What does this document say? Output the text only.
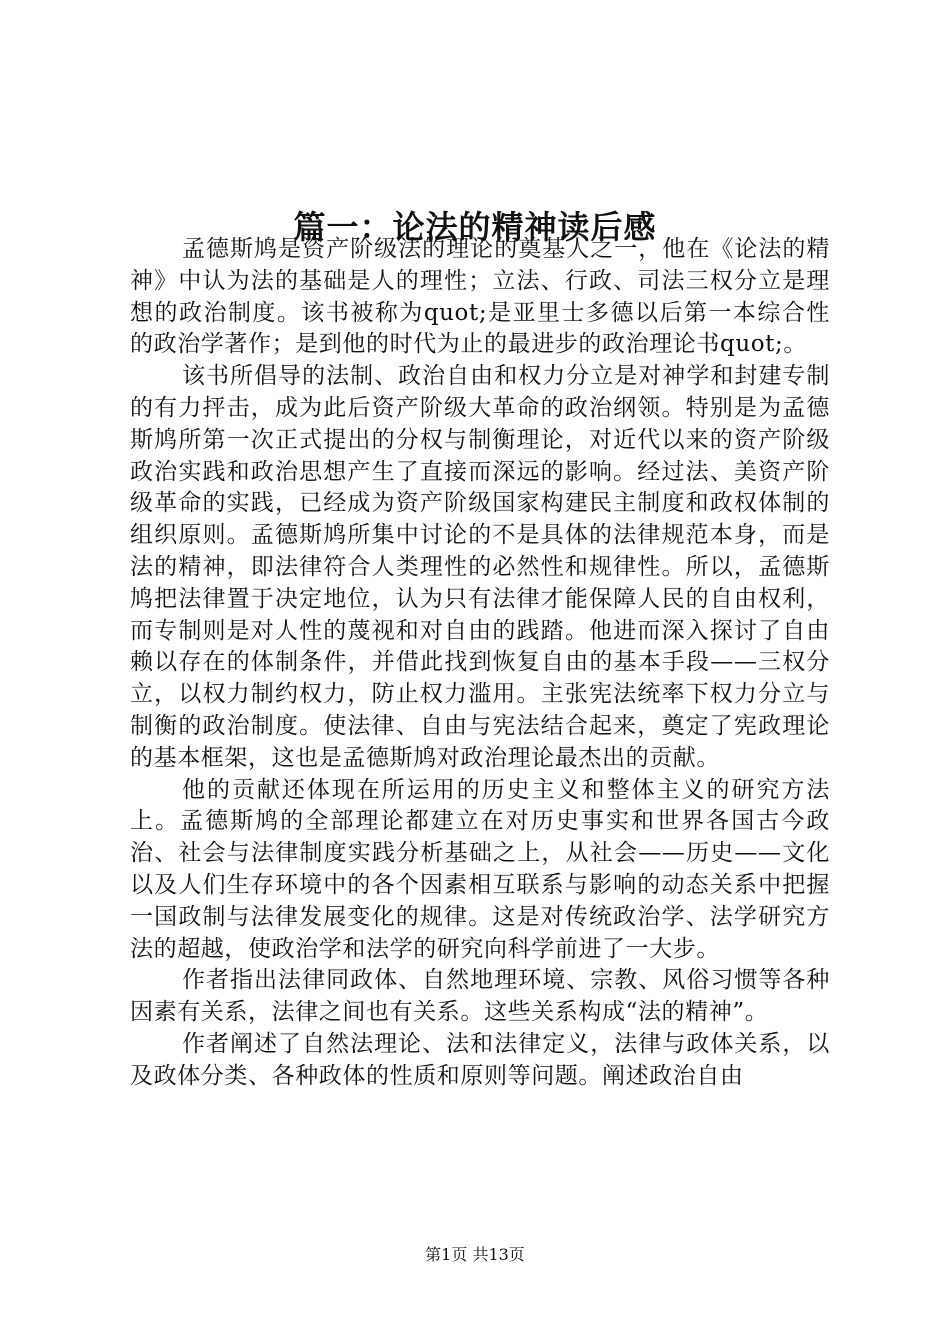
篇一：论法的精神读后感

孟德斯鸠是资产阶级法的理论的奠基人之一，他在《论法的精神》中认为法的基础是人的理性；立法、行政、司法三权分立是理想的政治制度。该书被称为quot;是亚里士多德以后第一本综合性的政治学著作；是到他的时代为止的最进步的政治理论书quot;。

该书所倡导的法制、政治自由和权力分立是对神学和封建专制的有力抨击，成为此后资产阶级大革命的政治纲领。特别是为孟德斯鸠所第一次正式提出的分权与制衡理论，对近代以来的资产阶级政治实践和政治思想产生了直接而深远的影响。经过法、美资产阶级革命的实践，已经成为资产阶级国家构建民主制度和政权体制的组织原则。孟德斯鸠所集中讨论的不是具体的法律规范本身，而是法的精神，即法律符合人类理性的必然性和规律性。所以，孟德斯鸠把法律置于决定地位，认为只有法律才能保障人民的自由权利，而专制则是对人性的蔑视和对自由的践踏。他进而深入探讨了自由赖以存在的体制条件，并借此找到恢复自由的基本手段——三权分立，以权力制约权力，防止权力滥用。主张宪法统率下权力分立与制衡的政治制度。使法律、自由与宪法结合起来，奠定了宪政理论的基本框架，这也是孟德斯鸠对政治理论最杰出的贡献。

他的贡献还体现在所运用的历史主义和整体主义的研究方法上。孟德斯鸠的全部理论都建立在对历史事实和世界各国古今政治、社会与法律制度实践分析基础之上，从社会——历史——文化以及人们生存环境中的各个因素相互联系与影响的动态关系中把握一国政制与法律发展变化的规律。这是对传统政治学、法学研究方法的超越，使政治学和法学的研究向科学前进了一大步。

作者指出法律同政体、自然地理环境、宗教、风俗习惯等各种因素有关系，法律之间也有关系。这些关系构成“法的精神”。

作者阐述了自然法理论、法和法律定义，法律与政体关系，以及政体分类、各种政体的性质和原则等问题。阐述政治自由

第1页 共13页
